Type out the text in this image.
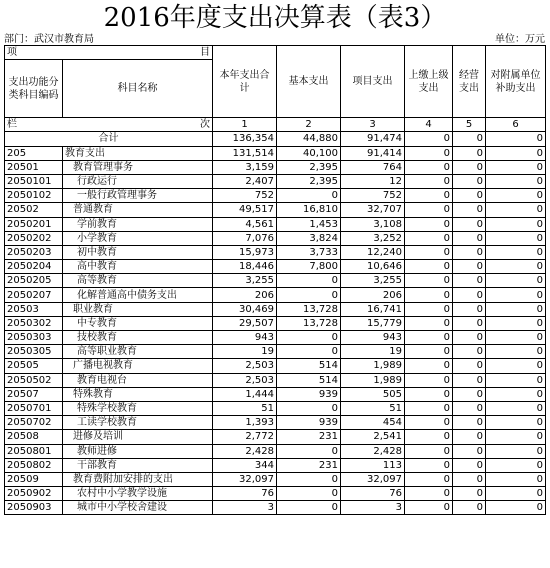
2016年度支出决算表（表3）
部门：武汉市教育局	单位：万元
项 目		本年支出合计	基本支出	项目支出	上缴上级支出	经营支出	对附属单位补助支出
支出功能分类科目编码	科目名称						

栏 次		1	2	3	4	5	6
合计		136,354	44,880	91,474	0	0	0
205	教育支出	131,514	40,100	91,414	0	0	0
20501	教育管理事务	3,159	2,395	764	0	0	0
2050101	行政运行	2,407	2,395	12	0	0	0
2050102	一般行政管理事务	752	0	752	0	0	0
20502	普通教育	49,517	16,810	32,707	0	0	0
2050201	学前教育	4,561	1,453	3,108	0	0	0
2050202	小学教育	7,076	3,824	3,252	0	0	0
2050203	初中教育	15,973	3,733	12,240	0	0	0
2050204	高中教育	18,446	7,800	10,646	0	0	0
2050205	高等教育	3,255	0	3,255	0	0	0
2050207	化解普通高中债务支出	206	0	206	0	0	0
20503	职业教育	30,469	13,728	16,741	0	0	0
2050302	中专教育	29,507	13,728	15,779	0	0	0
2050303	技校教育	943	0	943	0	0	0
2050305	高等职业教育	19	0	19	0	0	0
20505	广播电视教育	2,503	514	1,989	0	0	0
2050502	教育电视台	2,503	514	1,989	0	0	0
20507	特殊教育	1,444	939	505	0	0	0
2050701	特殊学校教育	51	0	51	0	0	0
2050702	工读学校教育	1,393	939	454	0	0	0
20508	进修及培训	2,772	231	2,541	0	0	0
2050801	教师进修	2,428	0	2,428	0	0	0
2050802	干部教育	344	231	113	0	0	0
20509	教育费附加安排的支出	32,097	0	32,097	0	0	0
2050902	农村中小学教学设施	76	0	76	0	0	0
2050903	城市中小学校舍建设	3	0	3	0	0	0
